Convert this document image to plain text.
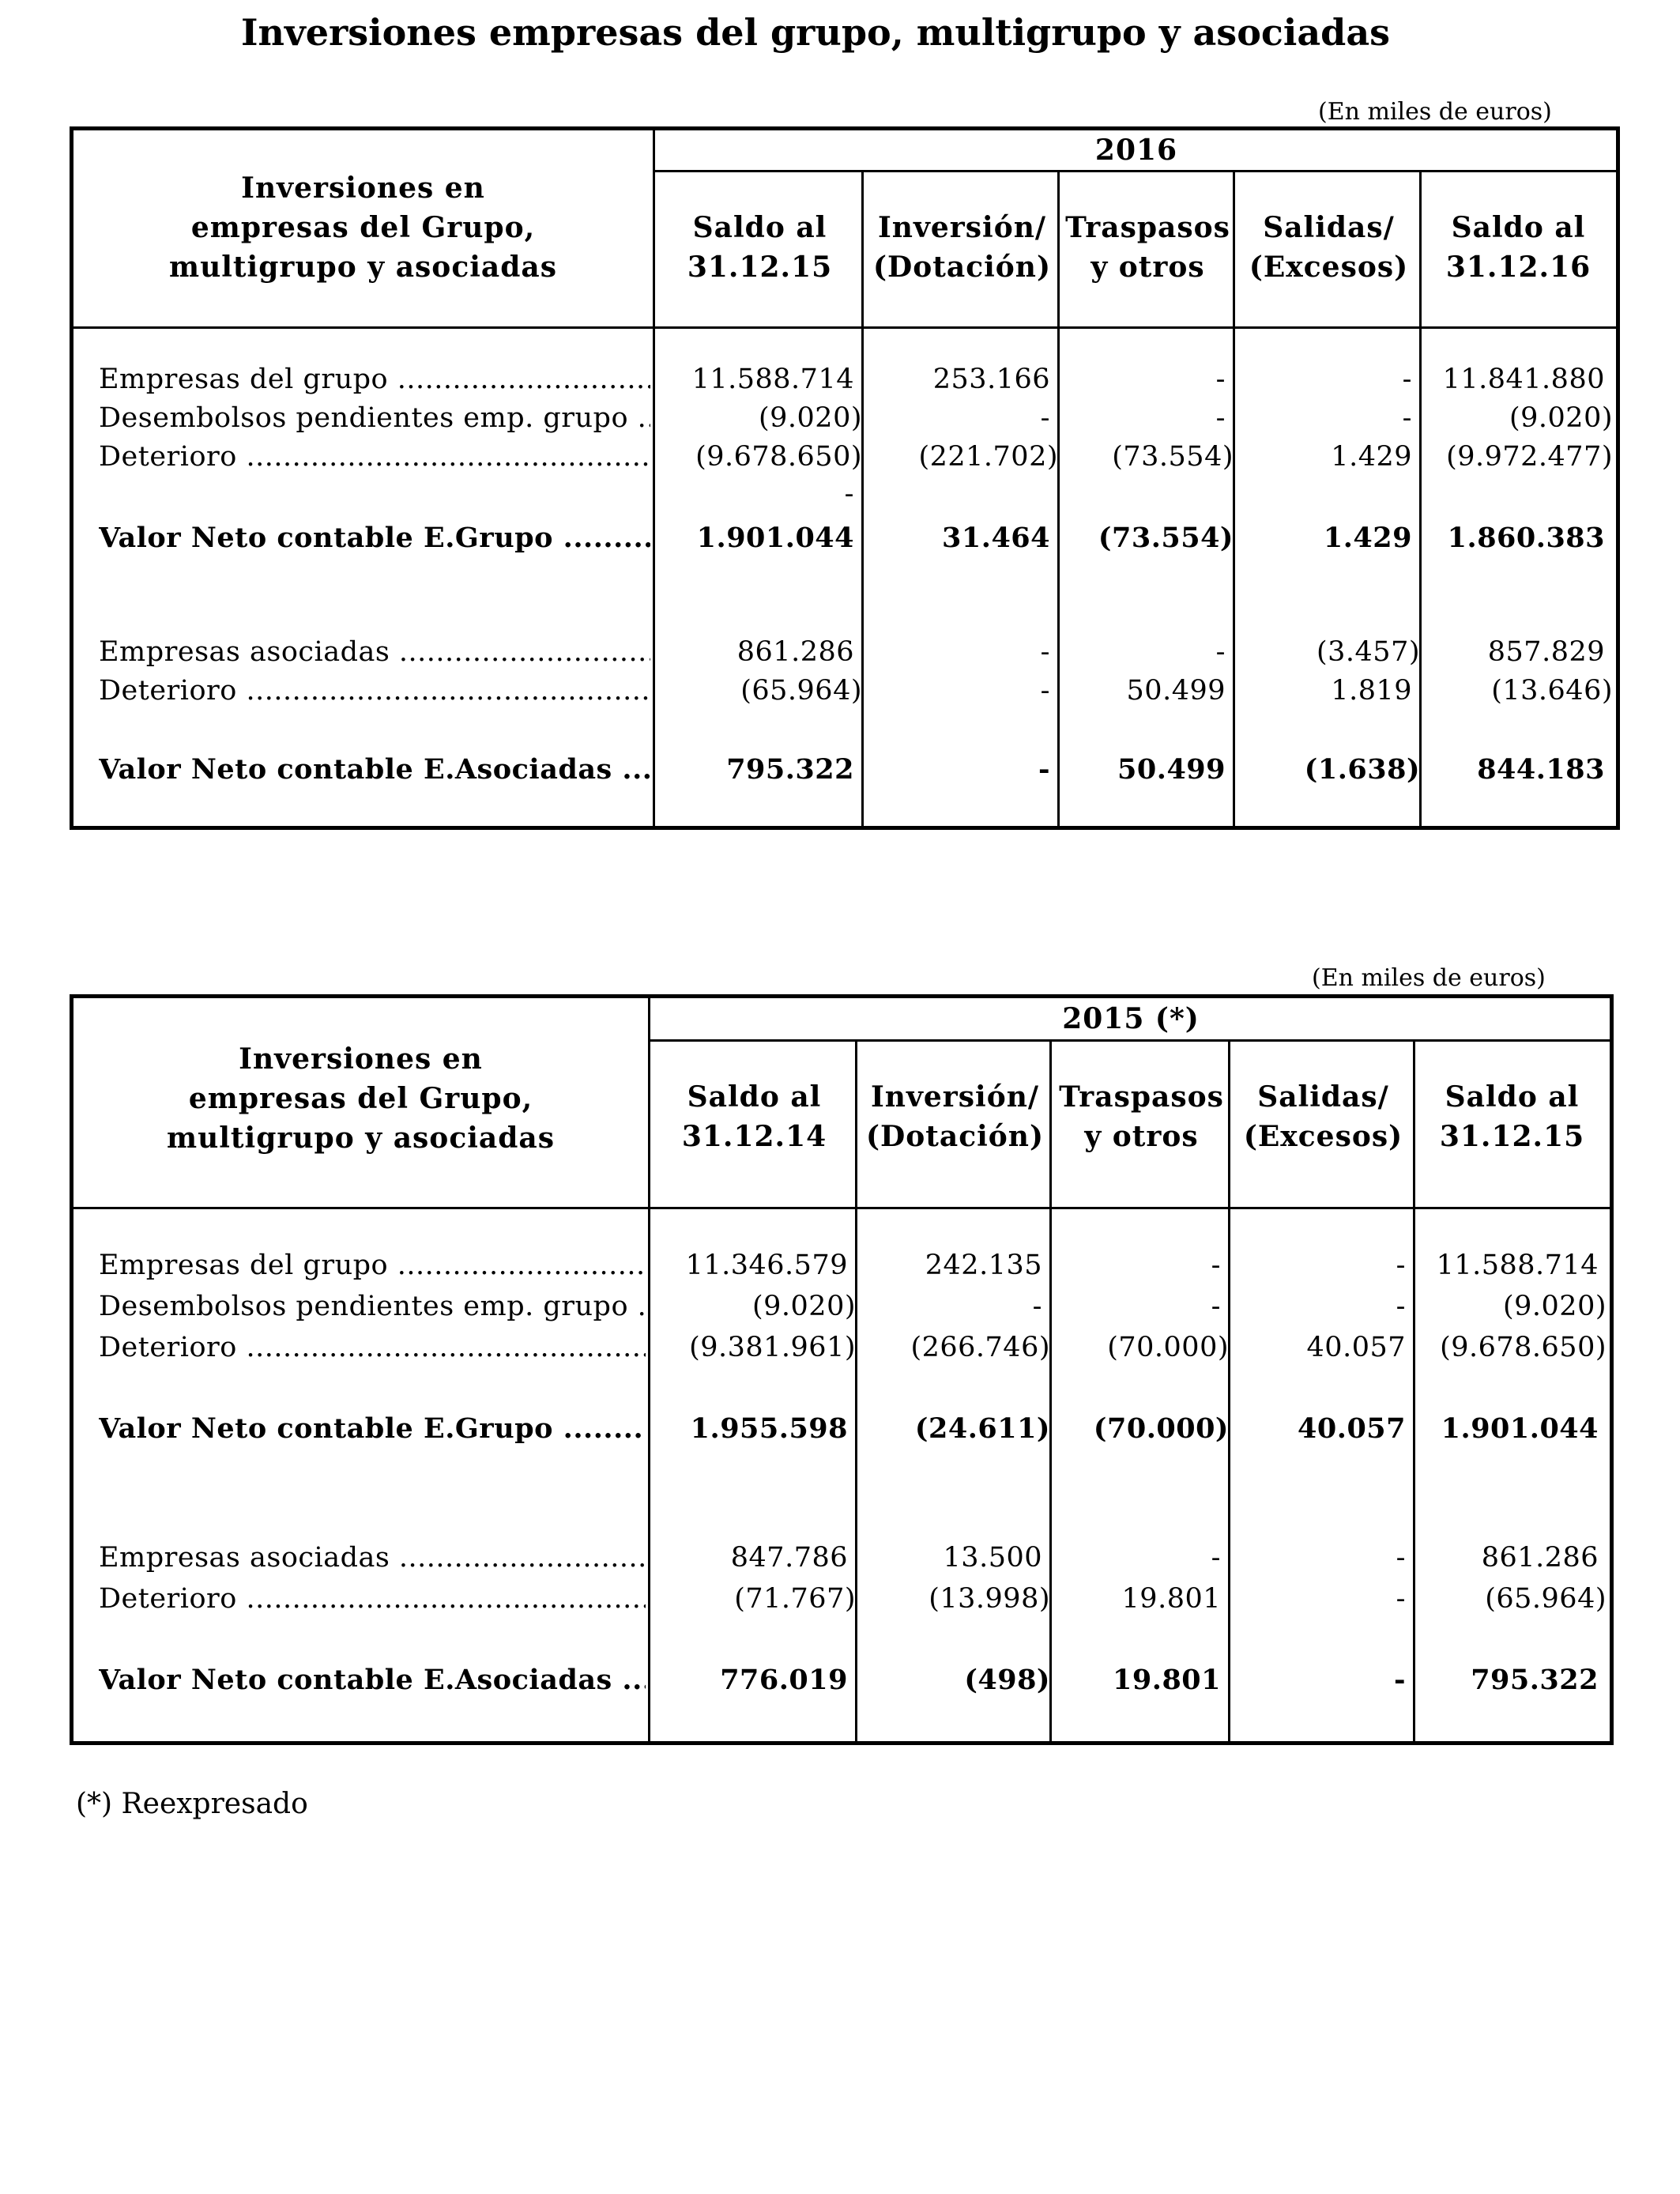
Inversiones empresas del grupo, multigrupo y asociadas
(*) Reexpresado
(En miles de euros)
2016
Inversiones en
empresas del Grupo,
multigrupo y asociadas
Saldo al
31.12.15
Inversión/
(Dotación)
Traspasos
y otros
Salidas/
(Excesos)
Saldo al
31.12.16
Empresas del grupo .....	11.588.714	253.166	-	-	11.841.880
Desembolsos pendientes emp. grupo .....	(9.020)	-	-	-	(9.020)
Deterioro .....	(9.678.650)	(221.702)	(73.554)	1.429	(9.972.477)
-
Valor Neto contable E.Grupo .....	1.901.044	31.464	(73.554)	1.429	1.860.383
Empresas asociadas .....	861.286	-	-	(3.457)	857.829
Deterioro .....	(65.964)	-	50.499	1.819	(13.646)
Valor Neto contable E.Asociadas .....	795.322	-	50.499	(1.638)	844.183
(En miles de euros)
2015 (*)
Inversiones en
empresas del Grupo,
multigrupo y asociadas
Saldo al
31.12.14
Inversión/
(Dotación)
Traspasos
y otros
Salidas/
(Excesos)
Saldo al
31.12.15
Empresas del grupo .....	11.346.579	242.135	-	-	11.588.714
Desembolsos pendientes emp. grupo .....	(9.020)	-	-	-	(9.020)
Deterioro .....	(9.381.961)	(266.746)	(70.000)	40.057	(9.678.650)
Valor Neto contable E.Grupo .....	1.955.598	(24.611)	(70.000)	40.057	1.901.044
Empresas asociadas .....	847.786	13.500	-	-	861.286
Deterioro .....	(71.767)	(13.998)	19.801	-	(65.964)
Valor Neto contable E.Asociadas .....	776.019	(498)	19.801	-	795.322
